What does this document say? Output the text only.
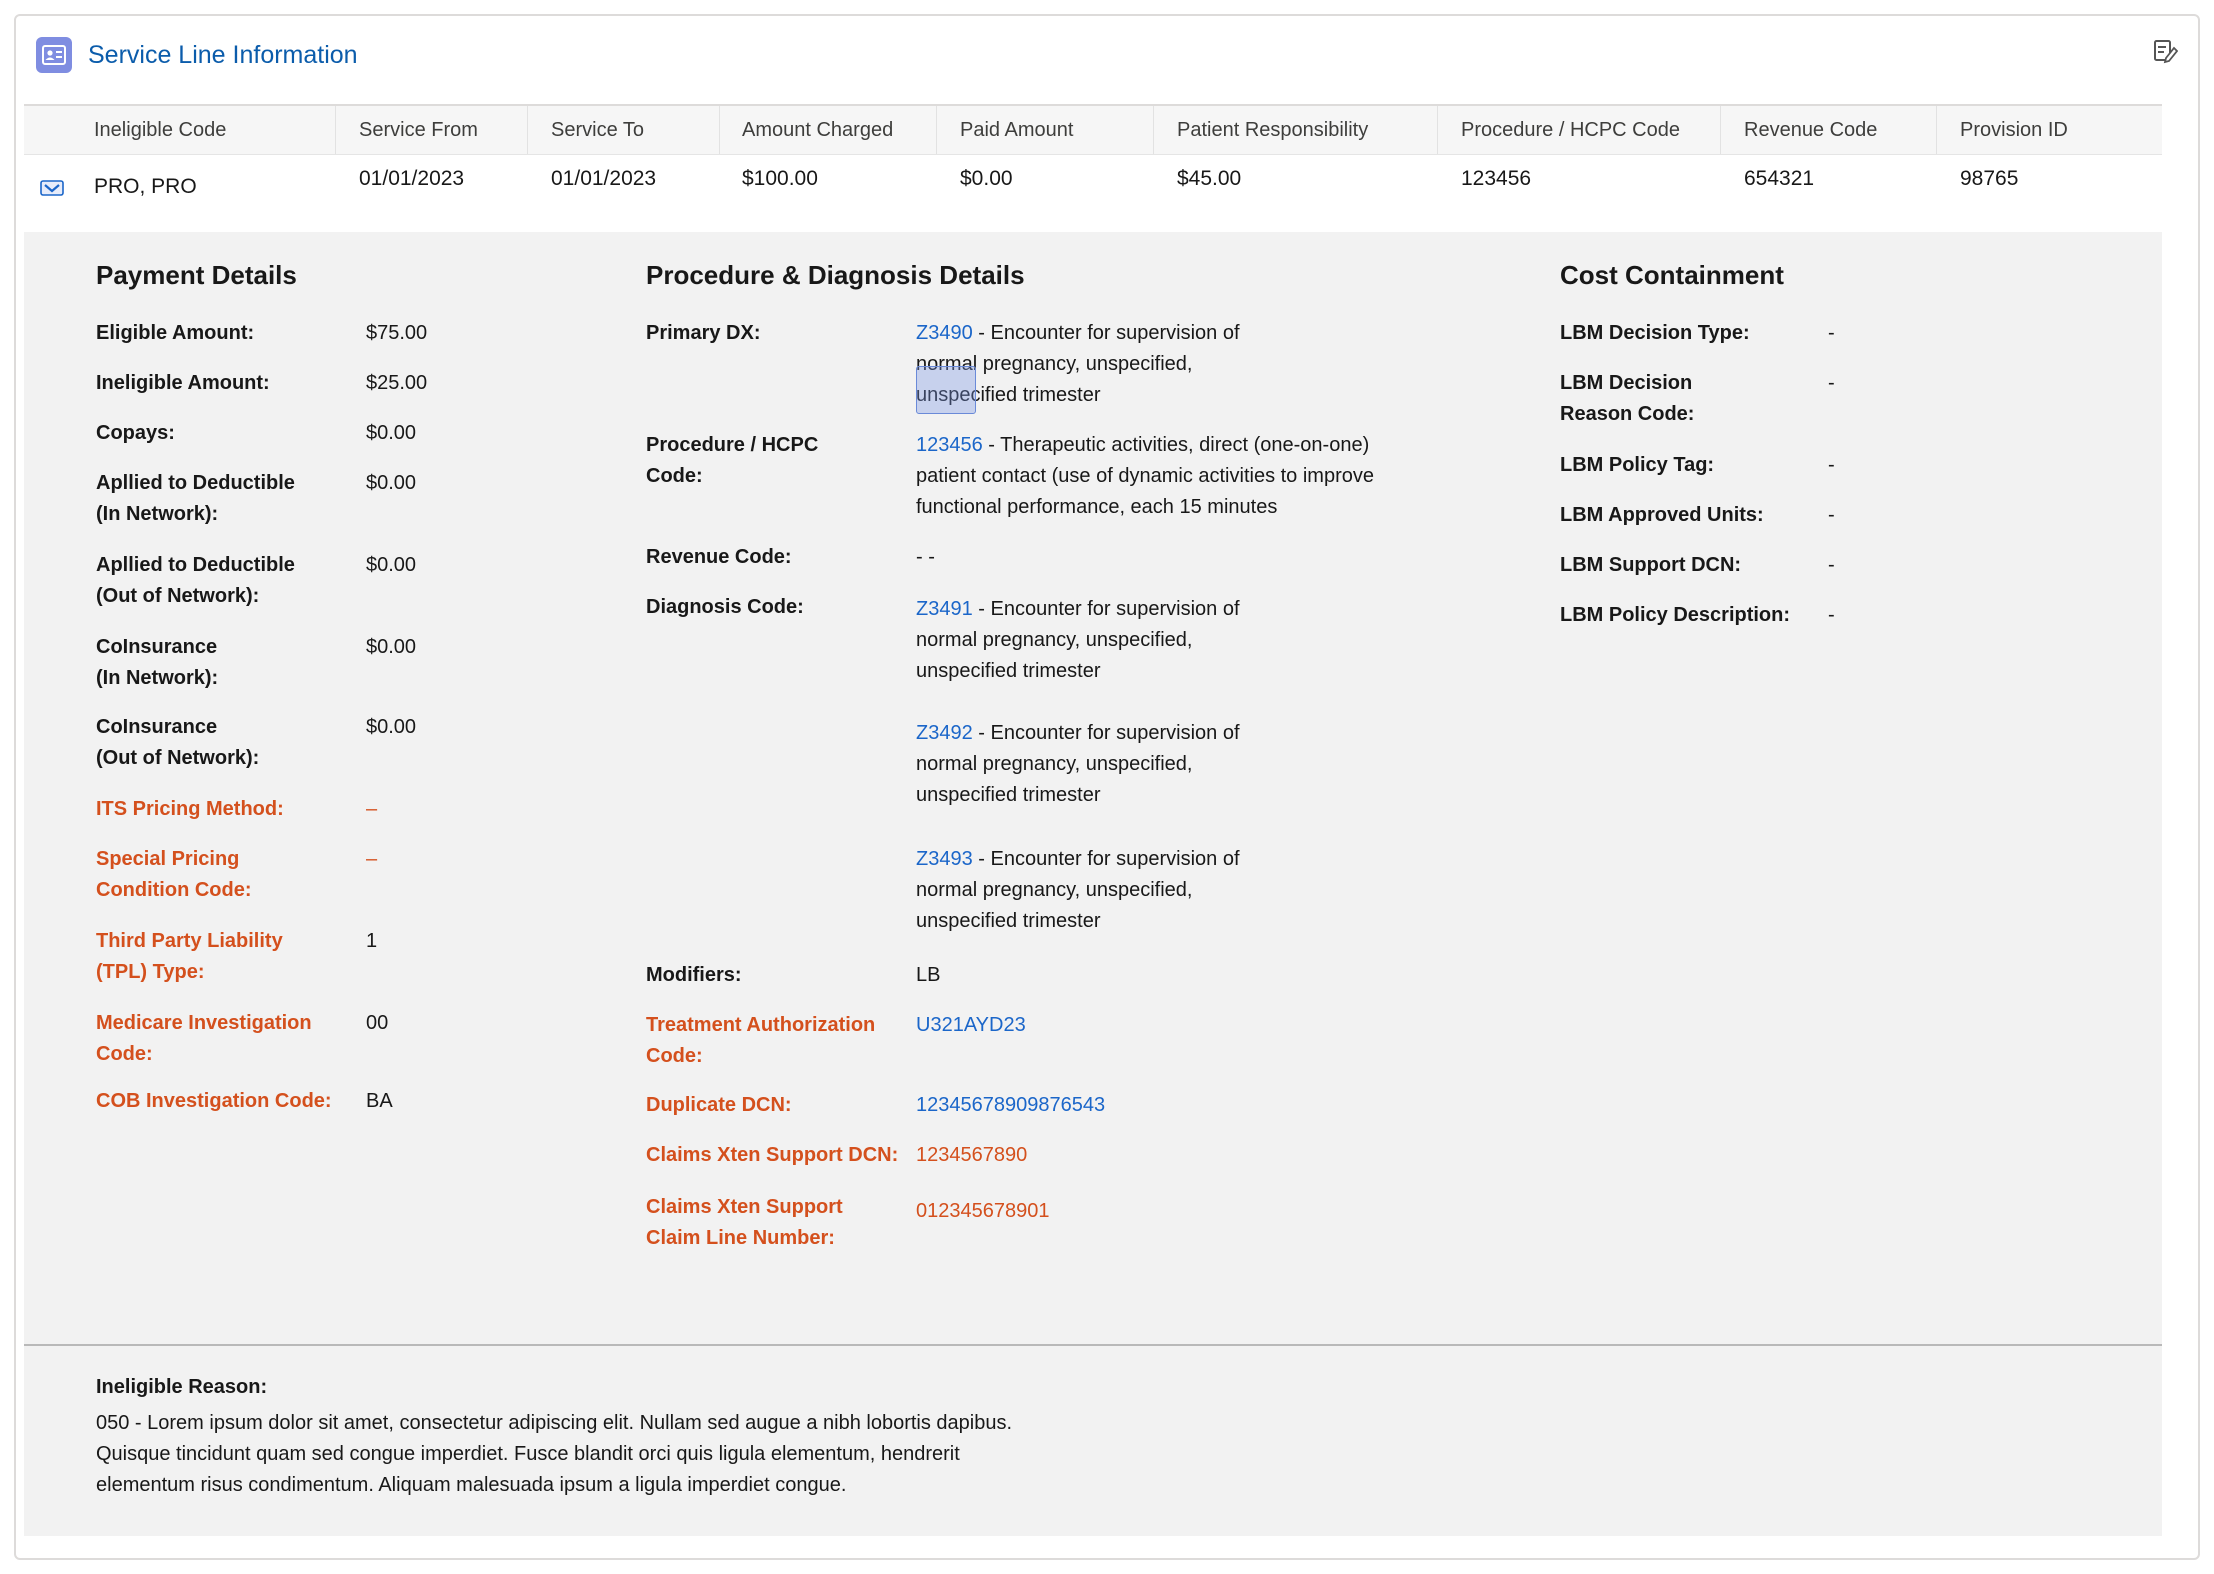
Service Line Information
Ineligible Code	Service From	Service To	Amount Charged	Paid Amount	Patient Responsibility	Procedure / HCPC Code	Revenue Code	Provision ID
PRO, PRO	01/01/2023	01/01/2023	$100.00	$0.00	$45.00	123456	654321	98765
Payment Details
Eligible Amount:	$75.00
Ineligible Amount:	$25.00
Copays:	$0.00
Apllied to Deductible
(In Network):
$0.00
Apllied to Deductible
(Out of Network):
$0.00
CoInsurance
(In Network):
$0.00
CoInsurance
(Out of Network):
$0.00
ITS Pricing Method:	–
Special Pricing
Condition Code:
–
Third Party Liability
(TPL) Type:
1
Medicare Investigation
Code:
00
COB Investigation Code: BA
Procedure & Diagnosis Details
Primary DX:	Z3490 - Encounter for supervision of
normal pregnancy, unspecified,
unspecified trimester
Procedure / HCPC
Code:
123456 - Therapeutic activities, direct (one-on-one)
patient contact (use of dynamic activities to improve
functional performance, each 15 minutes
Revenue Code:	- -
Diagnosis Code:	Z3491 - Encounter for supervision of
normal pregnancy, unspecified,
unspecified trimester
Z3492 - Encounter for supervision of
normal pregnancy, unspecified,
unspecified trimester
Z3493 - Encounter for supervision of
normal pregnancy, unspecified,
unspecified trimester
Modifiers:	LB
Treatment Authorization
Code:
U321AYD23
Duplicate DCN:	12345678909876543
Claims Xten Support DCN: 1234567890
Claims Xten Support
Claim Line Number:
012345678901
Cost Containment
LBM Decision Type:	-
LBM Decision
Reason Code:
-
LBM Policy Tag:	-
LBM Approved Units:	-
LBM Support DCN:	-
LBM Policy Description: -
Ineligible Reason:
050 - Lorem ipsum dolor sit amet, consectetur adipiscing elit. Nullam sed augue a nibh lobortis dapibus.
Quisque tincidunt quam sed congue imperdiet. Fusce blandit orci quis ligula elementum, hendrerit
elementum risus condimentum. Aliquam malesuada ipsum a ligula imperdiet congue.
